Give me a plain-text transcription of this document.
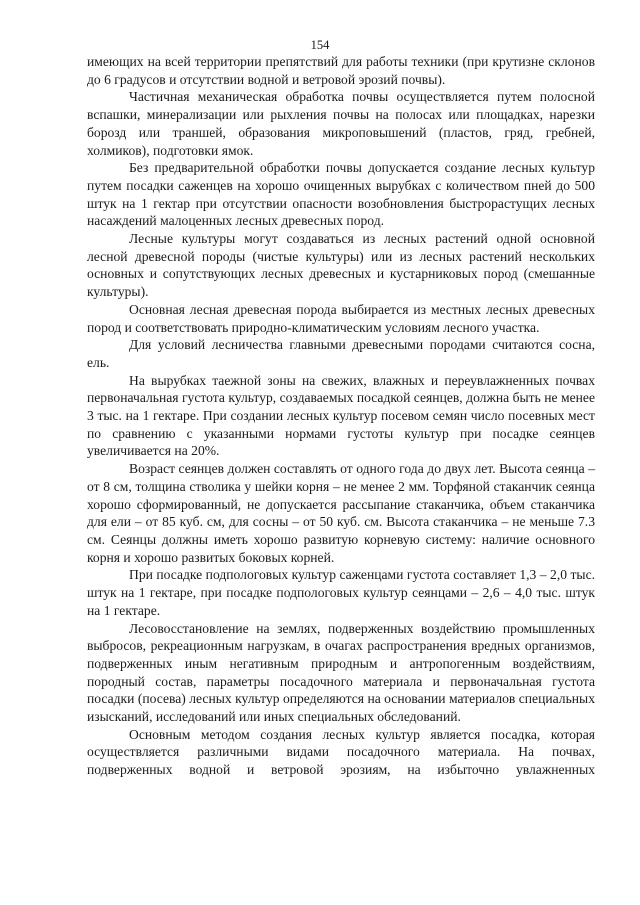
154

имеющих на всей территории препятствий для работы техники (при крутизне склонов до 6 градусов и отсутствии водной и ветровой эрозий почвы).

Частичная механическая обработка почвы осуществляется путем полосной вспашки, минерализации или рыхления почвы на полосах или площадках, нарезки борозд или траншей, образования микроповышений (пластов, гряд, гребней, холмиков), подготовки ямок.

Без предварительной обработки почвы допускается создание лесных культур путем посадки саженцев на хорошо очищенных вырубках с количеством пней до 500 штук на 1 гектар при отсутствии опасности возобновления быстрорастущих лесных насаждений малоценных лесных древесных пород.

Лесные культуры могут создаваться из лесных растений одной основной лесной древесной породы (чистые культуры) или из лесных растений нескольких основных и сопутствующих лесных древесных и кустарниковых пород (смешанные культуры).

Основная лесная древесная порода выбирается из местных лесных древесных пород и соответствовать природно-климатическим условиям лесного участка.

Для условий лесничества главными древесными породами считаются сосна, ель.

На вырубках таежной зоны на свежих, влажных и переувлажненных почвах первоначальная густота культур, создаваемых посадкой сеянцев, должна быть не менее 3 тыс. на 1 гектаре. При создании лесных культур посевом семян число посевных мест по сравнению с указанными нормами густоты культур при посадке сеянцев увеличивается на 20%.

Возраст сеянцев должен составлять от одного года до двух лет. Высота сеянца – от 8 см, толщина стволика у шейки корня – не менее 2 мм. Торфяной стаканчик сеянца хорошо сформированный, не допускается рассыпание стаканчика, объем стаканчика для ели – от 85 куб. см, для сосны – от 50 куб. см. Высота стаканчика – не меньше 7.3 см. Сеянцы должны иметь хорошо развитую корневую систему: наличие основного корня и хорошо развитых боковых корней.

При посадке подпологовых культур саженцами густота составляет 1,3 – 2,0 тыс. штук на 1 гектаре, при посадке подпологовых культур сеянцами – 2,6 – 4,0 тыс. штук на 1 гектаре.

Лесовосстановление на землях, подверженных воздействию промышленных выбросов, рекреационным нагрузкам, в очагах распространения вредных организмов, подверженных иным негативным природным и антропогенным воздействиям, породный состав, параметры посадочного материала и первоначальная густота посадки (посева) лесных культур определяются на основании материалов специальных изысканий, исследований или иных специальных обследований.

Основным методом создания лесных культур является посадка, которая осуществляется различными видами посадочного материала. На почвах, подверженных водной и ветровой эрозиям, на избыточно увлажненных
